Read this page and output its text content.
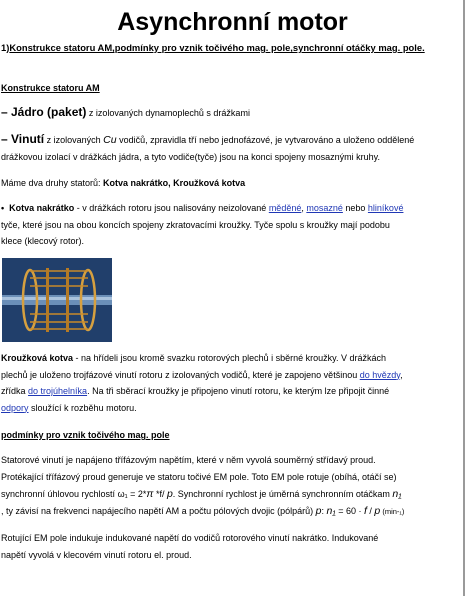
Asynchronní motor
1)Konstrukce statoru AM,podmínky pro vznik točivého mag. pole,synchronní otáčky mag. pole.

Konstrukce statoru AM

– Jádro (paket) z izolovaných dynamoplechů s drážkami

– Vinutí z izolovaných Cu vodičů, zpravidla tří nebo jednofázové, je vytvarováno a uloženo oddělené
drážkovou izolací v drážkách jádra, a tyto vodiče(tyče) jsou na konci spojeny mosaznými kruhy.

Máme dva druhy statorů: Kotva nakrátko, Kroužková kotva

• Kotva nakrátko - v drážkách rotoru jsou nalisovány neizolované měděné, mosazné nebo hliníkové
tyče, které jsou na obou koncích spojeny zkratovacími kroužky. Tyče spolu s kroužky mají podobu
klece (klecový rotor).

Kroužková kotva - na hřídeli jsou kromě svazku rotorových plechů i sběrné kroužky. V drážkách
plechů je uloženo trojfázové vinutí rotoru z izolovaných vodičů, které je zapojeno většinou do hvězdy,
zřídka do trojúhelníka. Na tři sběrací kroužky je připojeno vinutí rotoru, ke kterým lze připojit činné
odpory sloužící k rozběhu motoru.

podmínky pro vznik točivého mag. pole

Statorové vinutí je napájeno třífázovým napětím, které v něm vyvolá souměrný střídavý proud.
Protékající třífázový proud generuje ve statoru točivé EM pole. Toto EM pole rotuje (obíhá, otáčí se)
synchronní úhlovou rychlostí ω₁ = 2*π *f/ p. Synchronní rychlost je úměrná synchronním otáčkam n₁
, ty závisí na frekvenci napájecího napětí AM a počtu pólových dvojic (pólpárů) p: n₁ = 60 · f / p (min-₁)

Rotující EM pole indukuje indukované napětí do vodičů rotorového vinutí nakrátko. Indukované
napětí vyvolá v klecovém vinutí rotoru el. proud.
